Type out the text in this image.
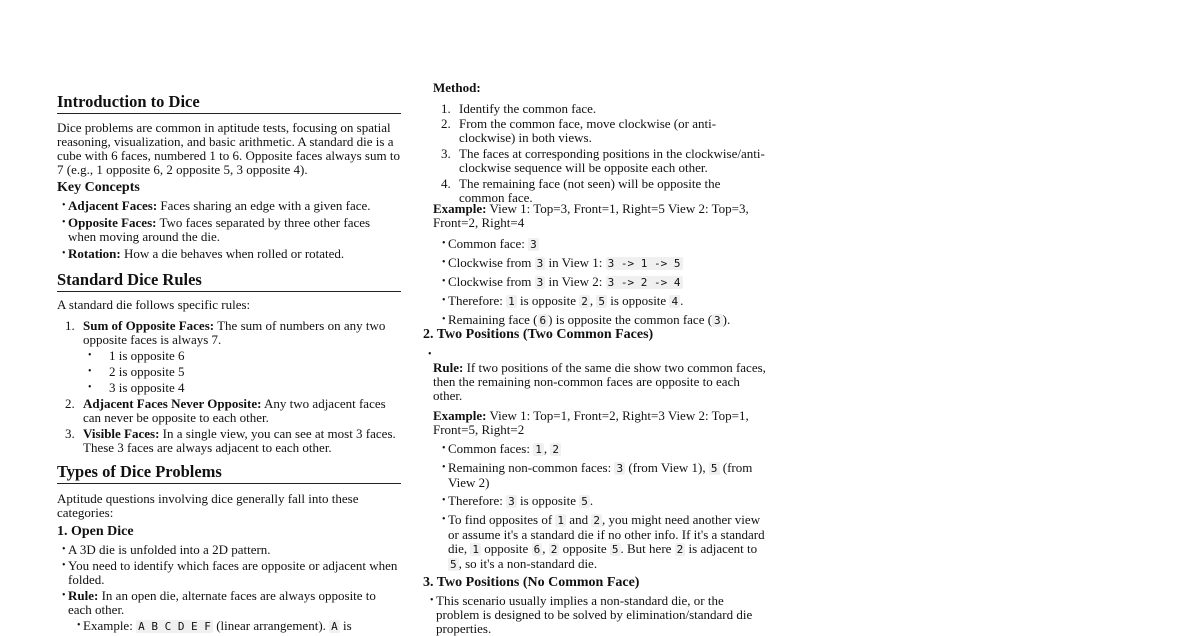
Introduction to Dice

Dice problems are common in aptitude tests, focusing on spatial reasoning, visualization, and basic arithmetic. A standard die is a cube with 6 faces, numbered 1 to 6. Opposite faces always sum to 7 (e.g., 1 opposite 6, 2 opposite 5, 3 opposite 4).

Key Concepts
• Adjacent Faces: Faces sharing an edge with a given face.
• Opposite Faces: Two faces separated by three other faces when moving around the die.
• Rotation: How a die behaves when rolled or rotated.
Standard Dice Rules

A standard die follows specific rules:

1. Sum of Opposite Faces: The sum of numbers on any two opposite faces is always 7.
• 1 is opposite 6
• 2 is opposite 5
• 3 is opposite 4
2. Adjacent Faces Never Opposite: Any two adjacent faces can never be opposite to each other.
3. Visible Faces: In a single view, you can see at most 3 faces. These 3 faces are always adjacent to each other.
Types of Dice Problems

Aptitude questions involving dice generally fall into these categories:

1. Open Dice
• A 3D die is unfolded into a 2D pattern.
• You need to identify which faces are opposite or adjacent when folded.
• Rule: In an open die, alternate faces are always opposite to each other.
• Example: A B C D E F (linear arrangement). A is
Method:
1. Identify the common face.
2. From the common face, move clockwise (or anti-clockwise) in both views.
3. The faces at corresponding positions in the clockwise/anti-clockwise sequence will be opposite each other.
4. The remaining face (not seen) will be opposite the common face.

Example: View 1: Top=3, Front=1, Right=5 View 2: Top=3, Front=2, Right=4

• Common face: 3
• Clockwise from 3 in View 1: 3 -> 1 -> 5
• Clockwise from 3 in View 2: 3 -> 2 -> 4
• Therefore: 1 is opposite 2 , 5 is opposite 4 .
• Remaining face ( 6 ) is opposite the common face ( 3 ).
2. Two Positions (Two Common Faces)
•

Rule: If two positions of the same die show two common faces, then the remaining non-common faces are opposite to each other.

Example: View 1: Top=1, Front=2, Right=3 View 2: Top=1, Front=5, Right=2

• Common faces: 1 , 2
• Remaining non-common faces: 3 (from View 1), 5 (from View 2)
• Therefore: 3 is opposite 5 .
• To find opposites of 1 and 2 , you might need another view or assume it's a standard die if no other info. If it's a standard die, 1 opposite 6 , 2 opposite 5 . But here 2 is adjacent to 5 , so it's a non-standard die.
3. Two Positions (No Common Face)
• This scenario usually implies a non-standard die, or the problem is designed to be solved by elimination/standard die properties.
